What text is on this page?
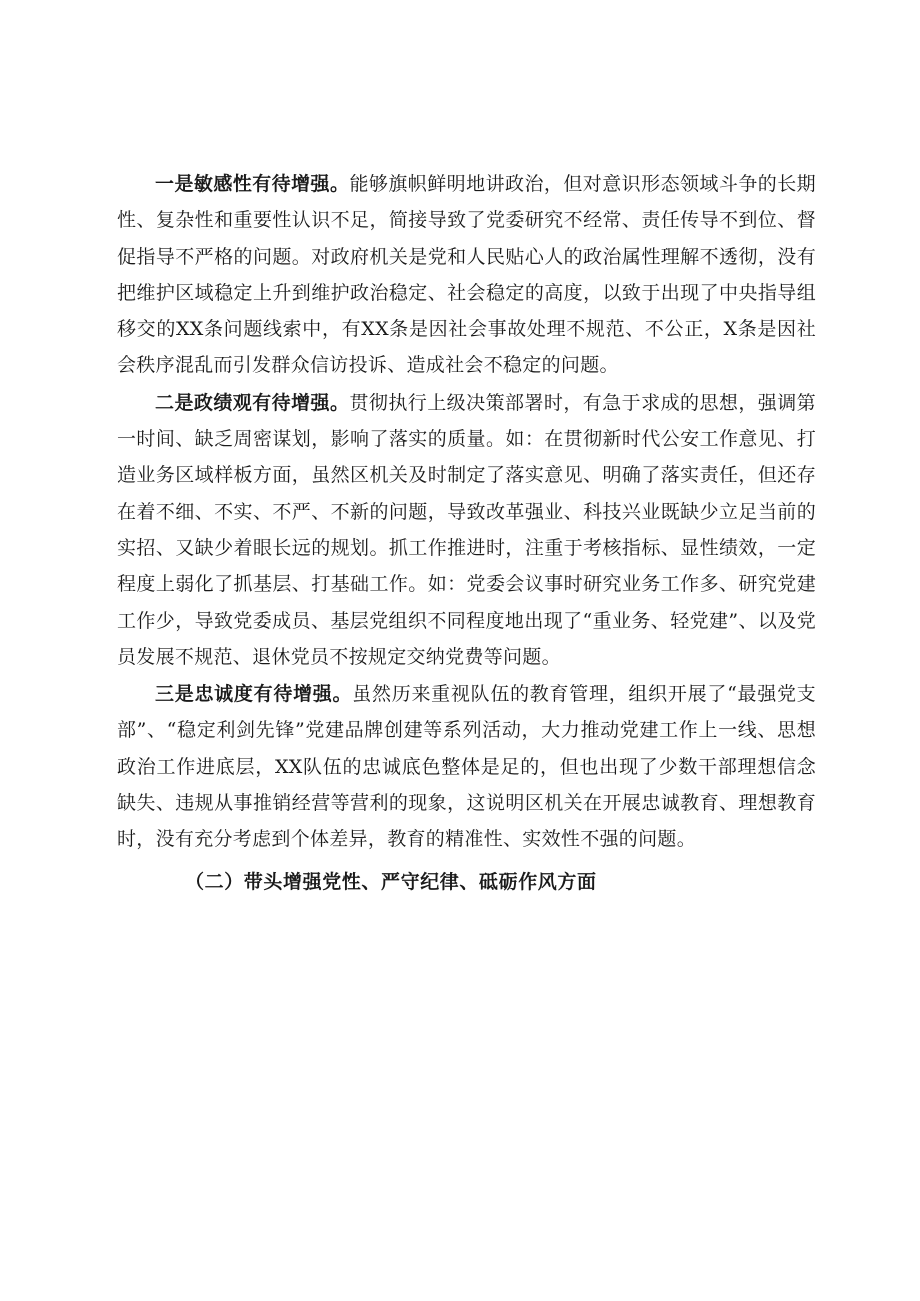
一是敏感性有待增强。能够旗帜鲜明地讲政治，但对意识形态领域斗争的长期性、复杂性和重要性认识不足，简接导致了党委研究不经常、责任传导不到位、督促指导不严格的问题。对政府机关是党和人民贴心人的政治属性理解不透彻，没有把维护区域稳定上升到维护政治稳定、社会稳定的高度，以致于出现了中央指导组移交的XX条问题线索中，有XX条是因社会事故处理不规范、不公正，X条是因社会秩序混乱而引发群众信访投诉、造成社会不稳定的问题。

二是政绩观有待增强。贯彻执行上级决策部署时，有急于求成的思想，强调第一时间、缺乏周密谋划，影响了落实的质量。如：在贯彻新时代公安工作意见、打造业务区域样板方面，虽然区机关及时制定了落实意见、明确了落实责任，但还存在着不细、不实、不严、不新的问题，导致改革强业、科技兴业既缺少立足当前的实招、又缺少着眼长远的规划。抓工作推进时，注重于考核指标、显性绩效，一定程度上弱化了抓基层、打基础工作。如：党委会议事时研究业务工作多、研究党建工作少，导致党委成员、基层党组织不同程度地出现了“重业务、轻党建”、以及党员发展不规范、退休党员不按规定交纳党费等问题。

三是忠诚度有待增强。虽然历来重视队伍的教育管理，组织开展了“最强党支部”、“稳定利剑先锋”党建品牌创建等系列活动，大力推动党建工作上一线、思想政治工作进底层，XX队伍的忠诚底色整体是足的，但也出现了少数干部理想信念缺失、违规从事推销经营等营利的现象，这说明区机关在开展忠诚教育、理想教育时，没有充分考虑到个体差异，教育的精准性、实效性不强的问题。

（二）带头增强党性、严守纪律、砥砺作风方面
